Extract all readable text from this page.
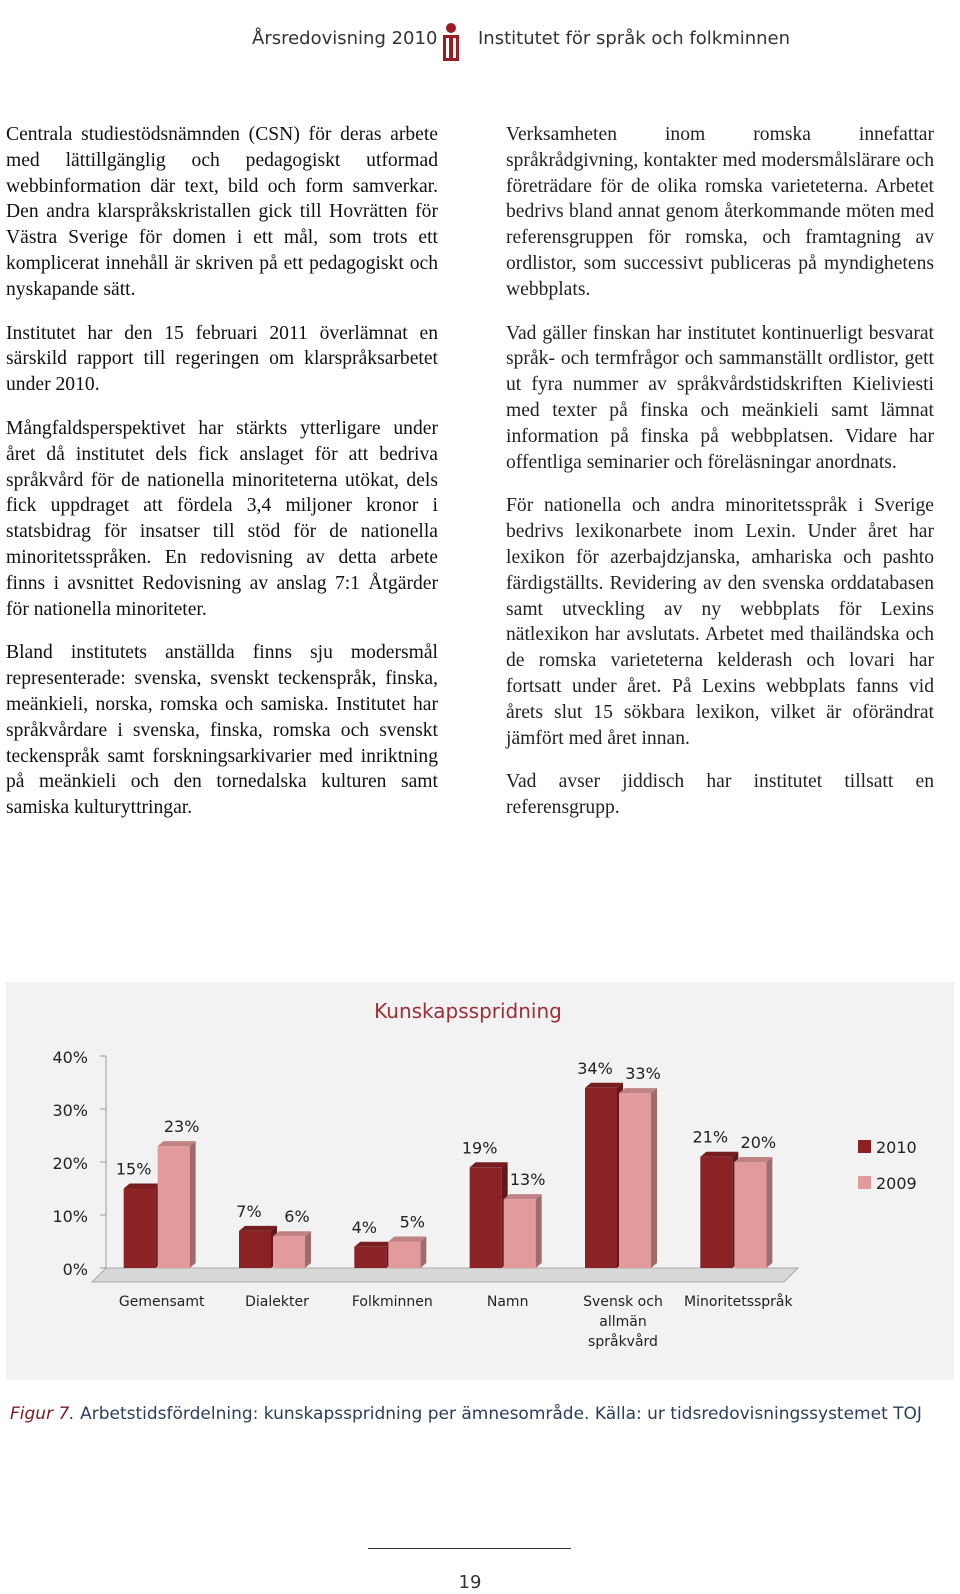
Årsredovisning 2010 Institutet för språk och folkminnen

Centrala studiestödsnämnden (CSN) för deras arbete med lättillgänglig och pedagogiskt utformad webbinformation där text, bild och form samverkar. Den andra klarspråkskristallen gick till Hovrätten för Västra Sverige för domen i ett mål, som trots ett komplicerat innehåll är skriven på ett pedagogiskt och nyskapande sätt.

Institutet har den 15 februari 2011 överlämnat en särskild rapport till regeringen om klarspråksarbetet under 2010.

Mångfaldsperspektivet har stärkts ytterligare under året då institutet dels fick anslaget för att bedriva språkvård för de nationella minoriteterna utökat, dels fick uppdraget att fördela 3,4 miljoner kronor i statsbidrag för insatser till stöd för de nationella minoritetsspråken. En redovisning av detta arbete finns i avsnittet Redovisning av anslag 7:1 Åtgärder för nationella minoriteter.

Bland institutets anställda finns sju modersmål representerade: svenska, svenskt teckenspråk, finska, meänkieli, norska, romska och samiska. Institutet har språkvårdare i svenska, finska, romska och svenskt teckenspråk samt forskningsarkivarier med inriktning på meänkieli och den tornedalska kulturen samt samiska kulturyttringar.

Verksamheten inom romska innefattar språkrådgivning, kontakter med modersmålslärare och företrädare för de olika romska varieteterna. Arbetet bedrivs bland annat genom återkommande möten med referensgruppen för romska, och framtagning av ordlistor, som successivt publiceras på myndighetens webbplats.

Vad gäller finskan har institutet kontinuerligt besvarat språk- och termfrågor och sammanställt ordlistor, gett ut fyra nummer av språkvårdstidskriften Kieliviesti med texter på finska och meänkieli samt lämnat information på finska på webbplatsen. Vidare har offentliga seminarier och föreläsningar anordnats.

För nationella och andra minoritetsspråk i Sverige bedrivs lexikonarbete inom Lexin. Under året har lexikon för azerbajdzjanska, amhariska och pashto färdigställts. Revidering av den svenska orddatabasen samt utveckling av ny webbplats för Lexins nätlexikon har avslutats. Arbetet med thailändska och de romska varieteterna kelderash och lovari har fortsatt under året. På Lexins webbplats fanns vid årets slut 15 sökbara lexikon, vilket är oförändrat jämfört med året innan.

Vad avser jiddisch har institutet tillsatt en referensgrupp.

Kunskapsspridning
0%
10%
20%
30%
40%
15%
23%
Gemensamt
7% 6%
Dialekter
4% 5%
Folkminnen
19%
13%
Namn
34% 33%
Svensk och
allmän
språkvård
21% 20%
Minoritetsspråk
2010
2009
Figur 7. Arbetstidsfördelning: kunskapsspridning per ämnesområde. Källa: ur tidsredovisningssystemet TOJ
19
